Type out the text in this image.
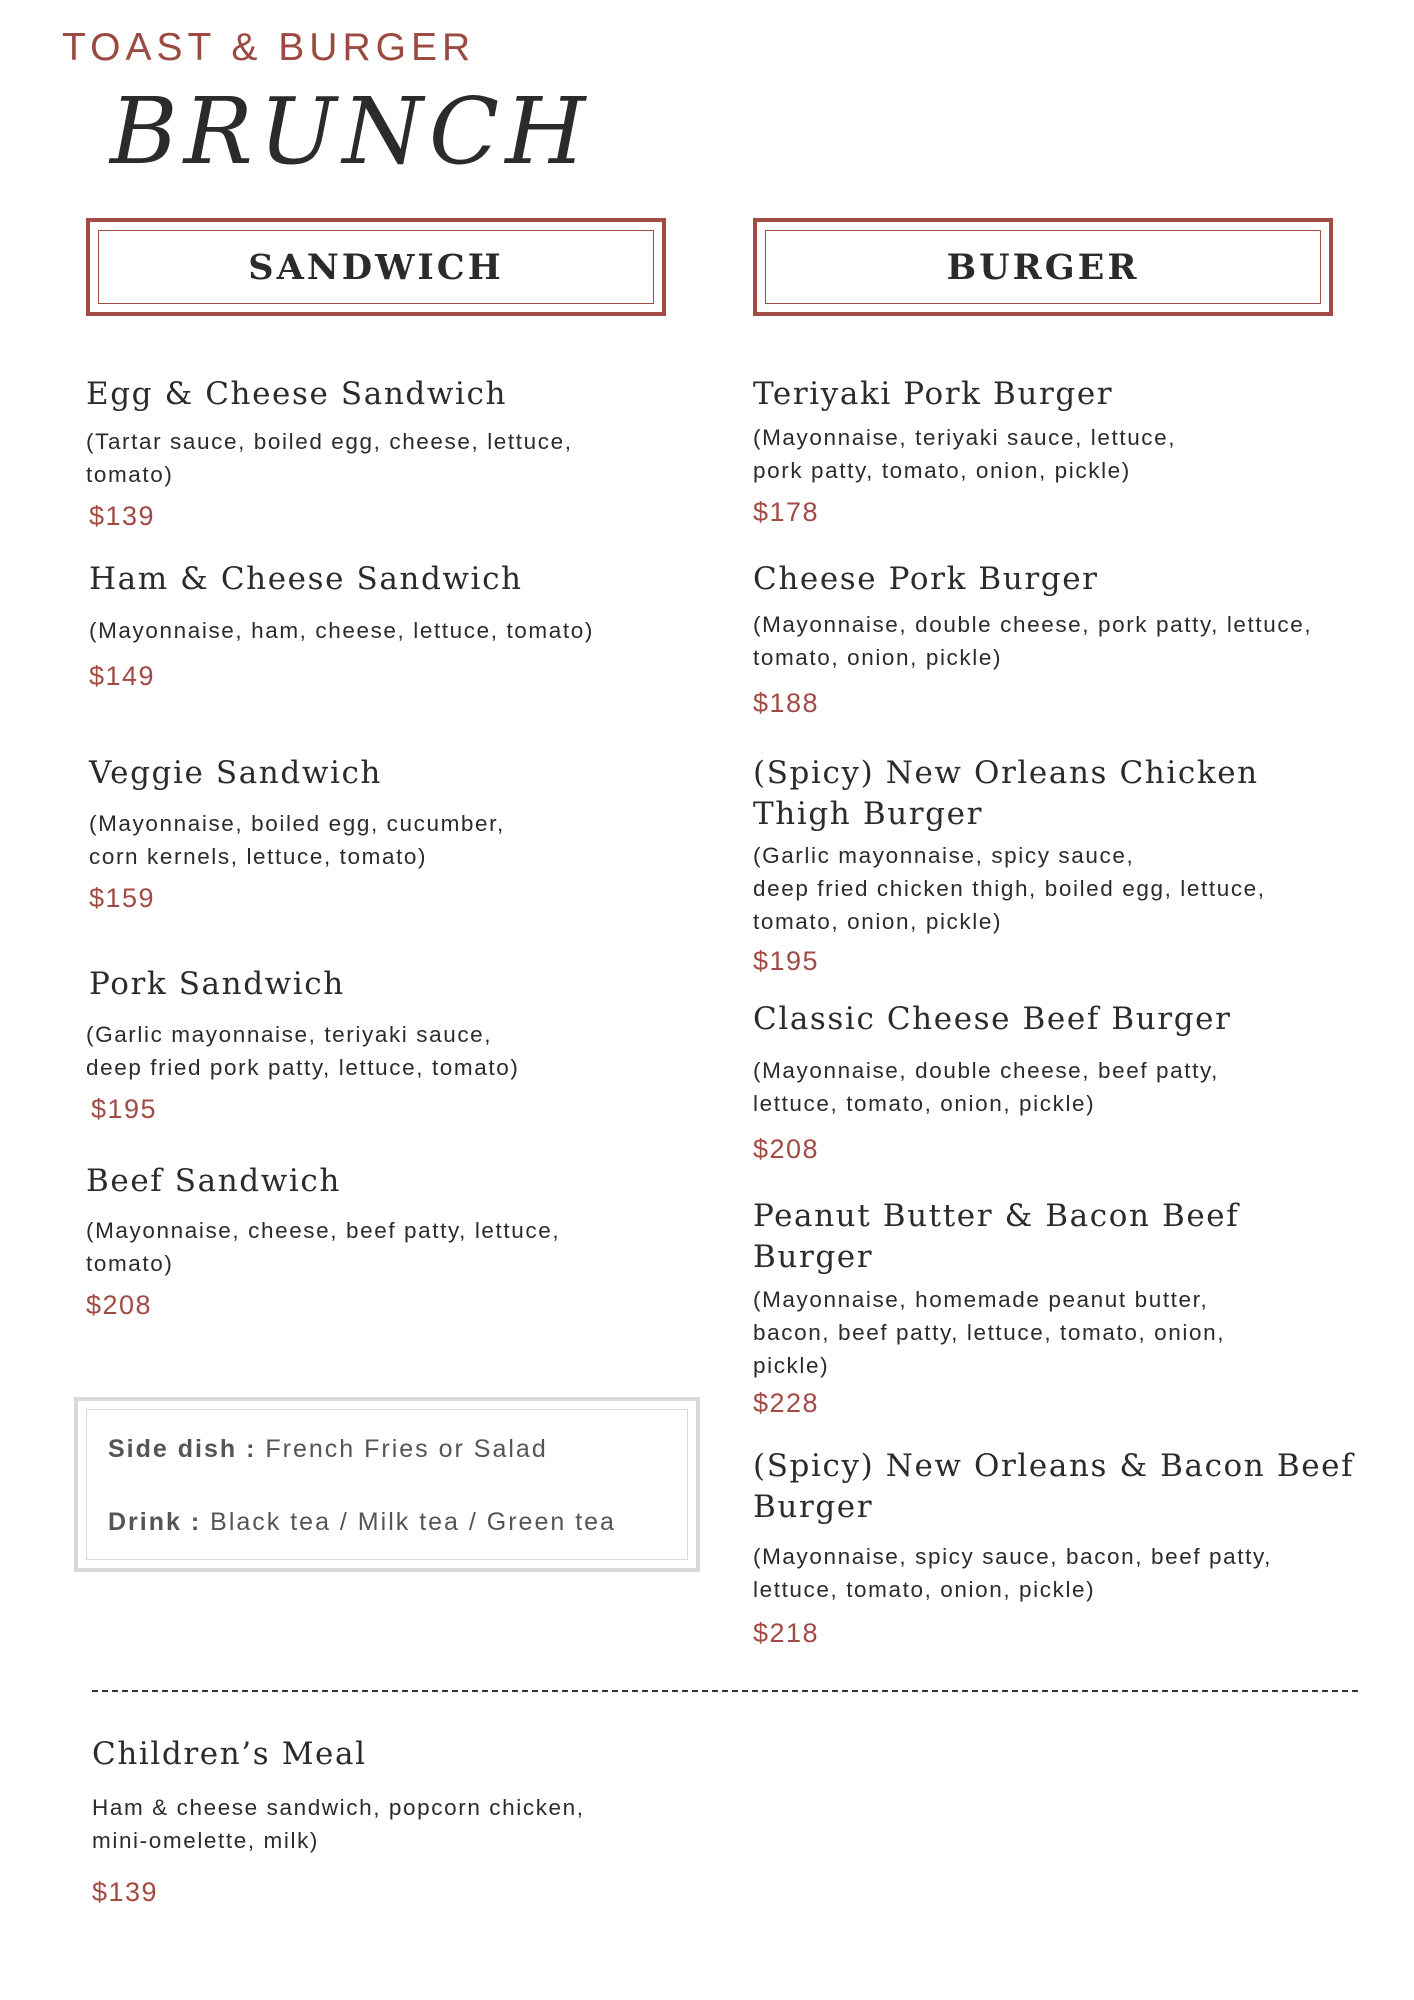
TOAST & BURGER
BRUNCH
SANDWICH	BURGER
Egg & Cheese Sandwich
(Tartar sauce, boiled egg, cheese, lettuce,
tomato)
$139
Ham & Cheese Sandwich
(Mayonnaise, ham, cheese, lettuce, tomato)
$149
Veggie Sandwich
(Mayonnaise, boiled egg, cucumber,
corn kernels, lettuce, tomato)
$159
Pork Sandwich
(Garlic mayonnaise, teriyaki sauce,
deep fried pork patty, lettuce, tomato)
$195
Beef Sandwich
(Mayonnaise, cheese, beef patty, lettuce,
tomato)
$208
Side dish : French Fries or Salad
Drink : Black tea / Milk tea / Green tea
Teriyaki Pork Burger
(Mayonnaise, teriyaki sauce, lettuce,
pork patty, tomato, onion, pickle)
$178
Cheese Pork Burger
(Mayonnaise, double cheese, pork patty, lettuce,
tomato, onion, pickle)
$188
(Spicy) New Orleans Chicken
Thigh Burger
(Garlic mayonnaise, spicy sauce,
deep fried chicken thigh, boiled egg, lettuce,
tomato, onion, pickle)
$195
Classic Cheese Beef Burger
(Mayonnaise, double cheese, beef patty,
lettuce, tomato, onion, pickle)
$208
Peanut Butter & Bacon Beef
Burger
(Mayonnaise, homemade peanut butter,
bacon, beef patty, lettuce, tomato, onion,
pickle)
$228
(Spicy) New Orleans & Bacon Beef
Burger
(Mayonnaise, spicy sauce, bacon, beef patty,
lettuce, tomato, onion, pickle)
$218
Children’s Meal
Ham & cheese sandwich, popcorn chicken,
mini-omelette, milk)
$139
